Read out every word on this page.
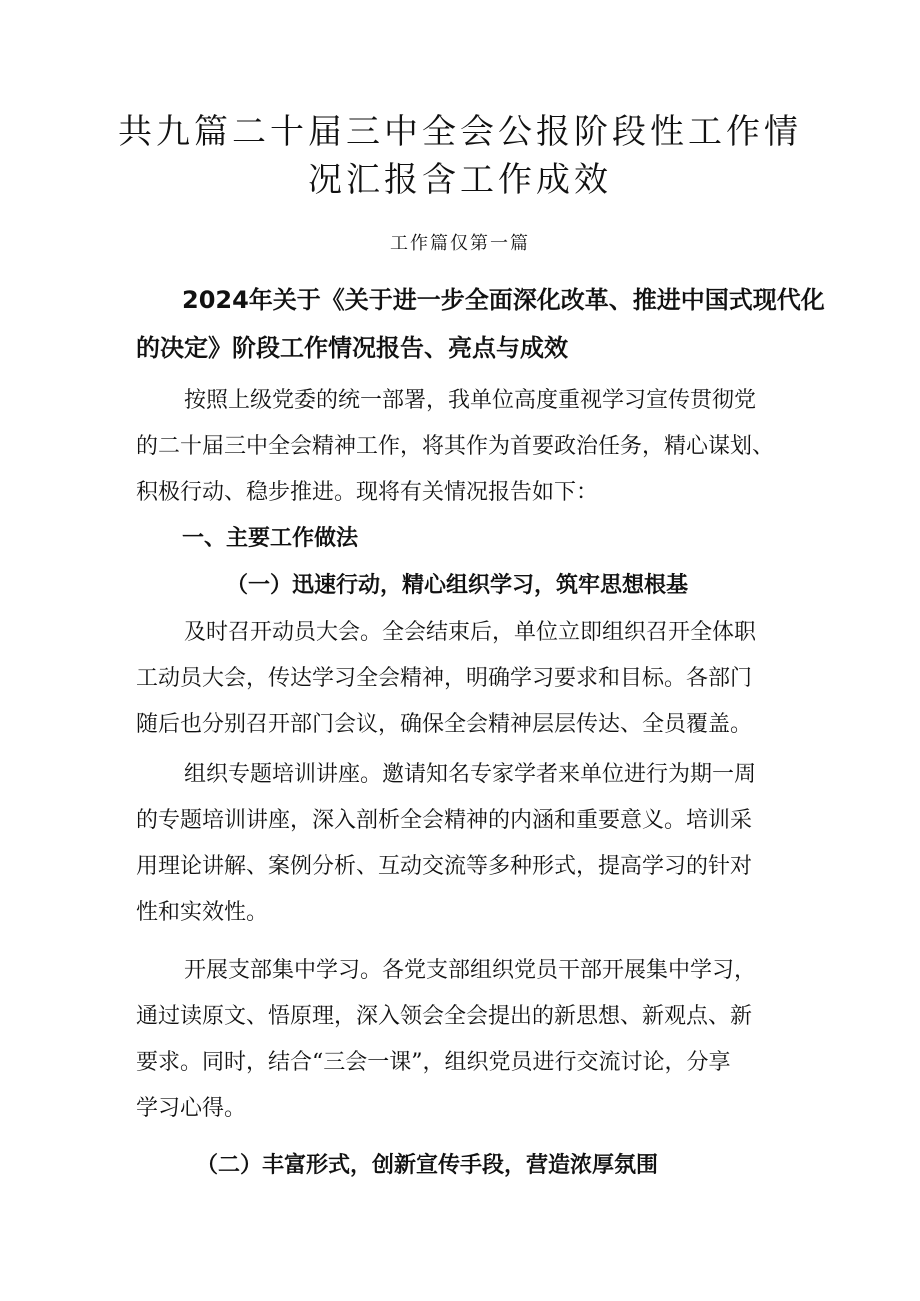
共九篇二十届三中全会公报阶段性工作情
况汇报含工作成效
工作篇仅第一篇
2024年关于《关于进一步全面深化改革、推进中国式现代化
的决定》阶段工作情况报告、亮点与成效

按照上级党委的统一部署，我单位高度重视学习宣传贯彻党
的二十届三中全会精神工作，将其作为首要政治任务，精心谋划、
积极行动、稳步推进。现将有关情况报告如下：

一、主要工作做法
（一）迅速行动，精心组织学习，筑牢思想根基

及时召开动员大会。全会结束后，单位立即组织召开全体职
工动员大会，传达学习全会精神，明确学习要求和目标。各部门
随后也分别召开部门会议，确保全会精神层层传达、全员覆盖。

组织专题培训讲座。邀请知名专家学者来单位进行为期一周
的专题培训讲座，深入剖析全会精神的内涵和重要意义。培训采
用理论讲解、案例分析、互动交流等多种形式，提高学习的针对
性和实效性。

开展支部集中学习。各党支部组织党员干部开展集中学习，
通过读原文、悟原理，深入领会全会提出的新思想、新观点、新
要求。同时，结合“三会一课”，组织党员进行交流讨论，分享
学习心得。

（二）丰富形式，创新宣传手段，营造浓厚氛围
